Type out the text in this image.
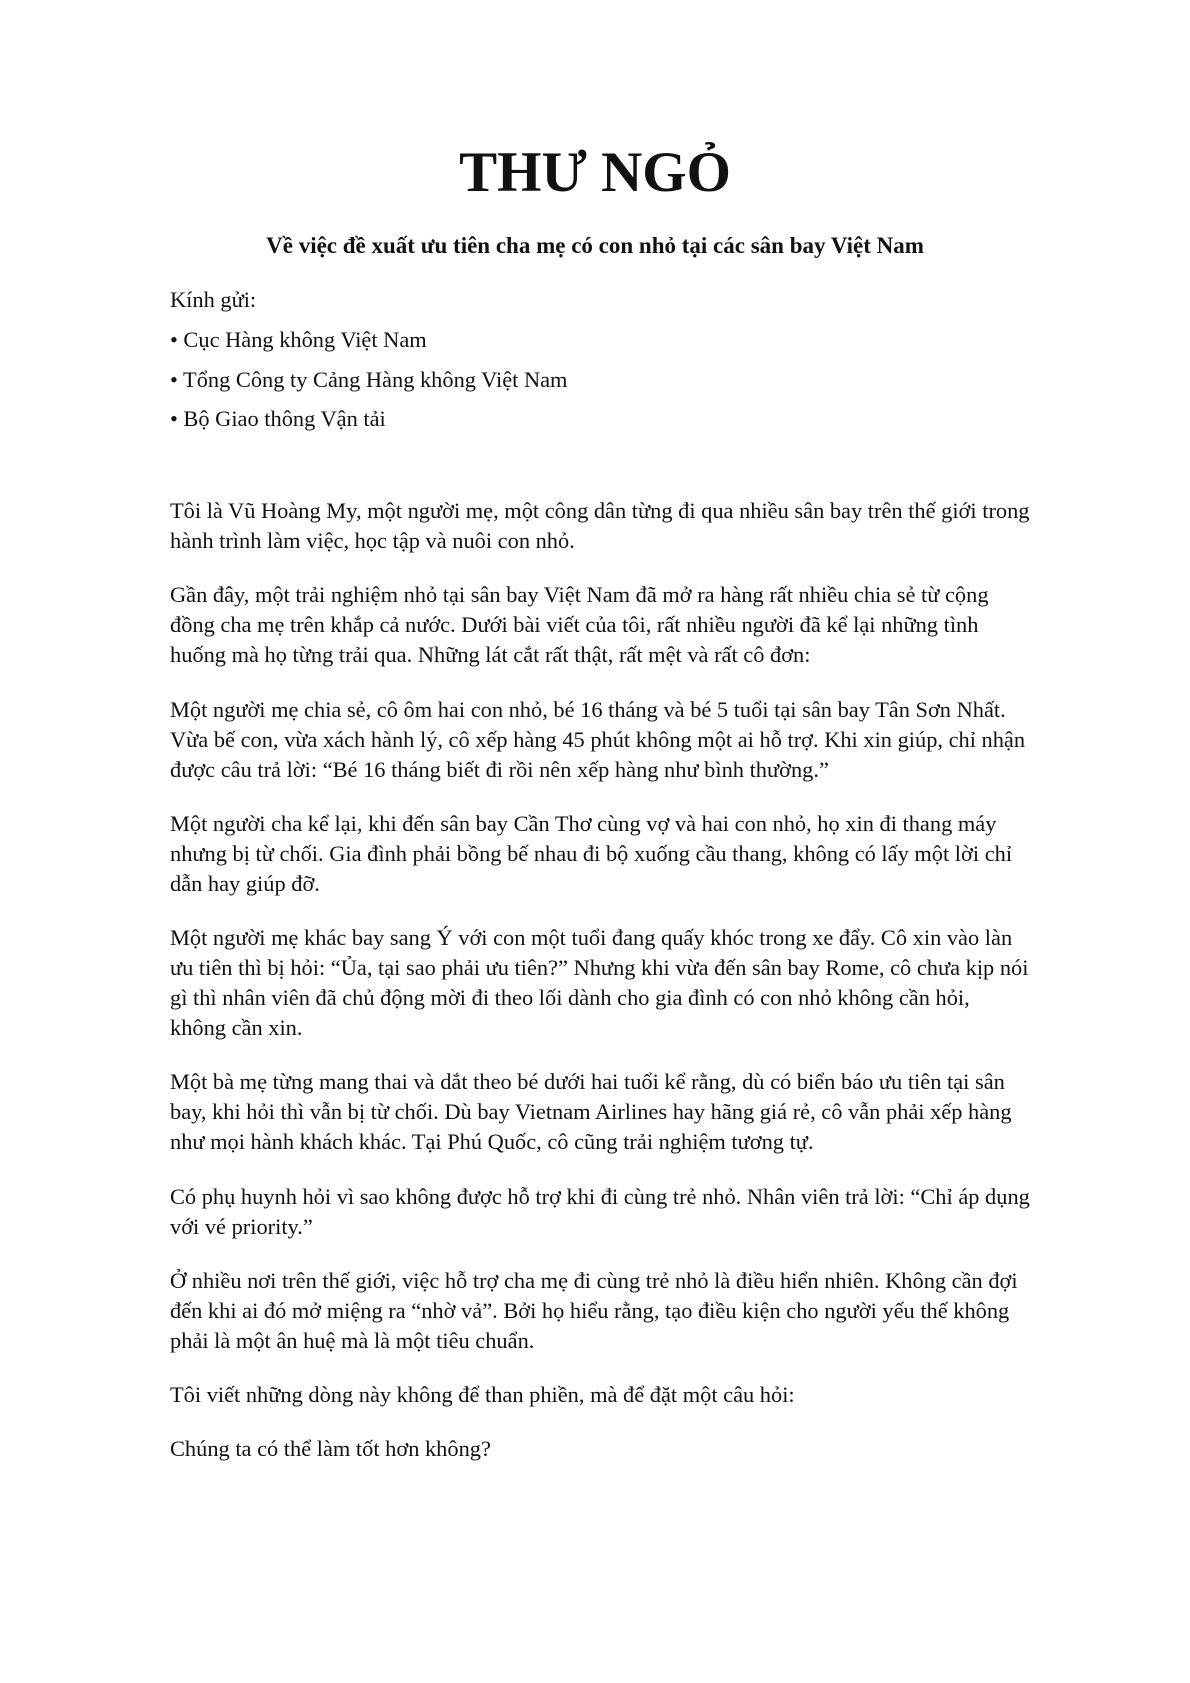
THƯ NGỎ
Về việc đề xuất ưu tiên cha mẹ có con nhỏ tại các sân bay Việt Nam

Kính gửi:

• Cục Hàng không Việt Nam

• Tổng Công ty Cảng Hàng không Việt Nam

• Bộ Giao thông Vận tải

Tôi là Vũ Hoàng My, một người mẹ, một công dân từng đi qua nhiều sân bay trên thế giới trong hành trình làm việc, học tập và nuôi con nhỏ.

Gần đây, một trải nghiệm nhỏ tại sân bay Việt Nam đã mở ra hàng rất nhiều chia sẻ từ cộng đồng cha mẹ trên khắp cả nước. Dưới bài viết của tôi, rất nhiều người đã kể lại những tình huống mà họ từng trải qua. Những lát cắt rất thật, rất mệt và rất cô đơn:

Một người mẹ chia sẻ, cô ôm hai con nhỏ, bé 16 tháng và bé 5 tuổi tại sân bay Tân Sơn Nhất. Vừa bế con, vừa xách hành lý, cô xếp hàng 45 phút không một ai hỗ trợ. Khi xin giúp, chỉ nhận được câu trả lời: “Bé 16 tháng biết đi rồi nên xếp hàng như bình thường.”

Một người cha kể lại, khi đến sân bay Cần Thơ cùng vợ và hai con nhỏ, họ xin đi thang máy nhưng bị từ chối. Gia đình phải bồng bế nhau đi bộ xuống cầu thang, không có lấy một lời chỉ dẫn hay giúp đỡ.

Một người mẹ khác bay sang Ý với con một tuổi đang quấy khóc trong xe đẩy. Cô xin vào làn ưu tiên thì bị hỏi: “Ủa, tại sao phải ưu tiên?” Nhưng khi vừa đến sân bay Rome, cô chưa kịp nói gì thì nhân viên đã chủ động mời đi theo lối dành cho gia đình có con nhỏ không cần hỏi, không cần xin.

Một bà mẹ từng mang thai và dắt theo bé dưới hai tuổi kể rằng, dù có biển báo ưu tiên tại sân bay, khi hỏi thì vẫn bị từ chối. Dù bay Vietnam Airlines hay hãng giá rẻ, cô vẫn phải xếp hàng như mọi hành khách khác. Tại Phú Quốc, cô cũng trải nghiệm tương tự.

Có phụ huynh hỏi vì sao không được hỗ trợ khi đi cùng trẻ nhỏ. Nhân viên trả lời: “Chỉ áp dụng với vé priority.”

Ở nhiều nơi trên thế giới, việc hỗ trợ cha mẹ đi cùng trẻ nhỏ là điều hiển nhiên. Không cần đợi đến khi ai đó mở miệng ra “nhờ vả”. Bởi họ hiểu rằng, tạo điều kiện cho người yếu thế không phải là một ân huệ mà là một tiêu chuẩn.

Tôi viết những dòng này không để than phiền, mà để đặt một câu hỏi:

Chúng ta có thể làm tốt hơn không?
